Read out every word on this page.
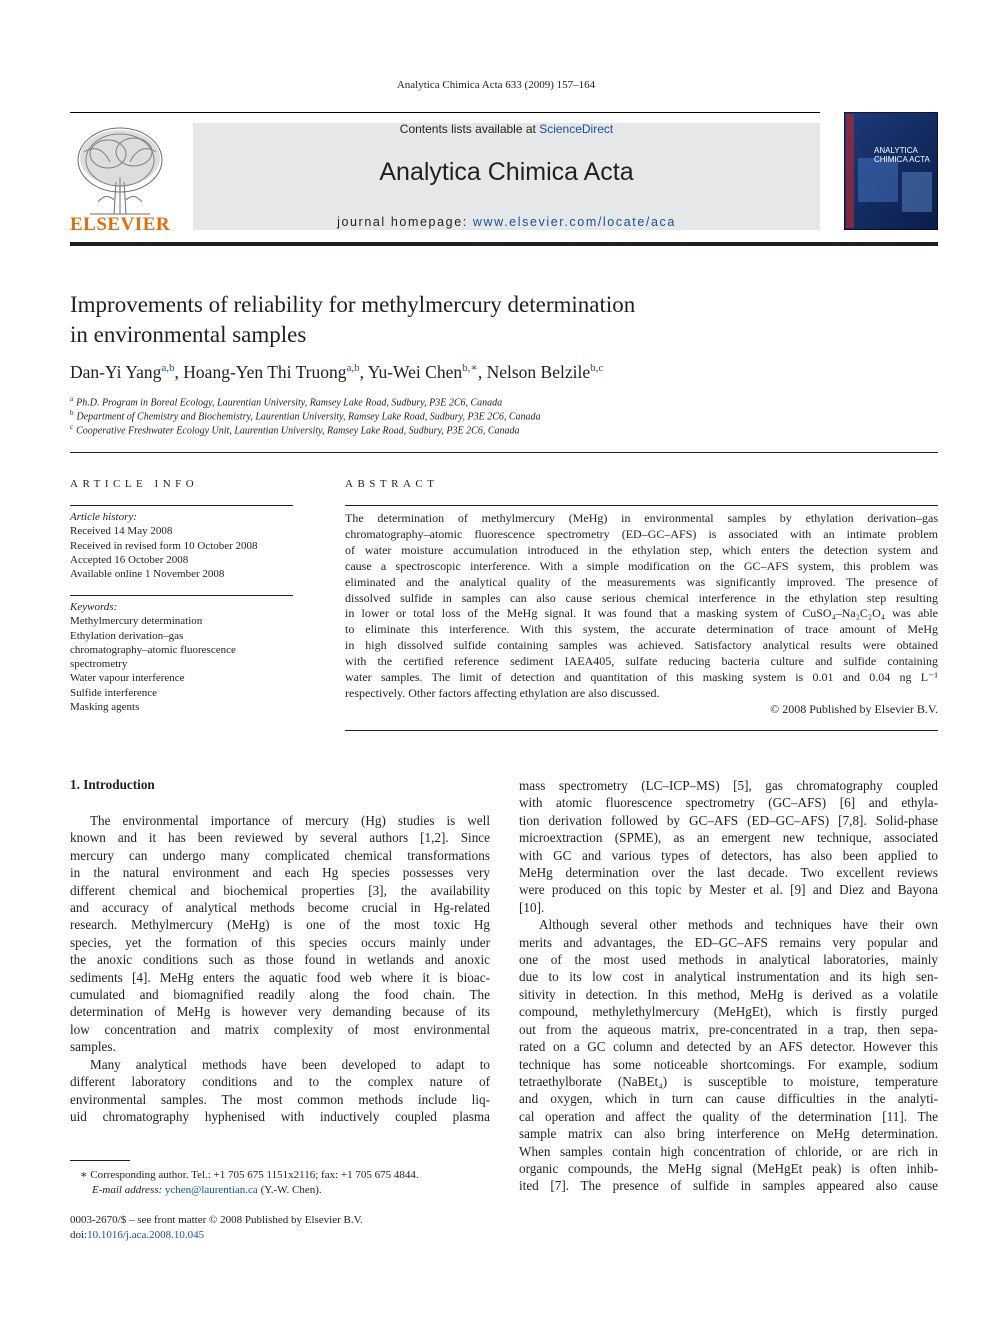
Analytica Chimica Acta 633 (2009) 157–164
ELSEVIER
Contents lists available at ScienceDirect
Analytica Chimica Acta
journal homepage: www.elsevier.com/locate/aca
ANALYTICA
CHIMICA ACTA
Improvements of reliability for methylmercury determination
in environmental samples
Dan-Yi Yang$^{a,b}$, Hoang-Yen Thi Truong$^{a,b}$, Yu-Wei Chen$^{b,∗}$, Nelson Belzile$^{b,c}$
$^a$ Ph.D. Program in Boreal Ecology, Laurentian University, Ramsey Lake Road, Sudbury, P3E 2C6, Canada
$^b$ Department of Chemistry and Biochemistry, Laurentian University, Ramsey Lake Road, Sudbury, P3E 2C6, Canada
$^c$ Cooperative Freshwater Ecology Unit, Laurentian University, Ramsey Lake Road, Sudbury, P3E 2C6, Canada
ARTICLE INFO
Article history:
Received 14 May 2008
Received in revised form 10 October 2008
Accepted 16 October 2008
Available online 1 November 2008
Keywords:
Methylmercury determination
Ethylation derivation–gas
chromatography–atomic fluorescence
spectrometry
Water vapour interference
Sulfide interference
Masking agents
ABSTRACT
The determination of methylmercury (MeHg) in environmental samples by ethylation derivation–gas
chromatography–atomic fluorescence spectrometry (ED–GC–AFS) is associated with an intimate problem
of water moisture accumulation introduced in the ethylation step, which enters the detection system and
cause a spectroscopic interference. With a simple modification on the GC–AFS system, this problem was
eliminated and the analytical quality of the measurements was significantly improved. The presence of
dissolved sulfide in samples can also cause serious chemical interference in the ethylation step resulting
in lower or total loss of the MeHg signal. It was found that a masking system of CuSO₄–Na₂C₂O₄ was able
to eliminate this interference. With this system, the accurate determination of trace amount of MeHg
in high dissolved sulfide containing samples was achieved. Satisfactory analytical results were obtained
with the certified reference sediment IAEA405, sulfate reducing bacteria culture and sulfide containing
water samples. The limit of detection and quantitation of this masking system is 0.01 and 0.04 ng L⁻¹
respectively. Other factors affecting ethylation are also discussed.
© 2008 Published by Elsevier B.V.
1. Introduction
The environmental importance of mercury (Hg) studies is well
known and it has been reviewed by several authors [1,2]. Since
mercury can undergo many complicated chemical transformations
in the natural environment and each Hg species possesses very
different chemical and biochemical properties [3], the availability
and accuracy of analytical methods become crucial in Hg-related
research. Methylmercury (MeHg) is one of the most toxic Hg
species, yet the formation of this species occurs mainly under
the anoxic conditions such as those found in wetlands and anoxic
sediments [4]. MeHg enters the aquatic food web where it is bioac-
cumulated and biomagnified readily along the food chain. The
determination of MeHg is however very demanding because of its
low concentration and matrix complexity of most environmental
samples.
Many analytical methods have been developed to adapt to
different laboratory conditions and to the complex nature of
environmental samples. The most common methods include liq-
uid chromatography hyphenised with inductively coupled plasma
mass spectrometry (LC–ICP–MS) [5], gas chromatography coupled
with atomic fluorescence spectrometry (GC–AFS) [6] and ethyla-
tion derivation followed by GC–AFS (ED–GC–AFS) [7,8]. Solid-phase
microextraction (SPME), as an emergent new technique, associated
with GC and various types of detectors, has also been applied to
MeHg determination over the last decade. Two excellent reviews
were produced on this topic by Mester et al. [9] and Diez and Bayona
[10].
Although several other methods and techniques have their own
merits and advantages, the ED–GC–AFS remains very popular and
one of the most used methods in analytical laboratories, mainly
due to its low cost in analytical instrumentation and its high sen-
sitivity in detection. In this method, MeHg is derived as a volatile
compound, methylethylmercury (MeHgEt), which is firstly purged
out from the aqueous matrix, pre-concentrated in a trap, then sepa-
rated on a GC column and detected by an AFS detector. However this
technique has some noticeable shortcomings. For example, sodium
tetraethylborate (NaBEt₄) is susceptible to moisture, temperature
and oxygen, which in turn can cause difficulties in the analyti-
cal operation and affect the quality of the determination [11]. The
sample matrix can also bring interference on MeHg determination.
When samples contain high concentration of chloride, or are rich in
organic compounds, the MeHg signal (MeHgEt peak) is often inhib-
ited [7]. The presence of sulfide in samples appeared also cause
∗ Corresponding author. Tel.: +1 705 675 1151x2116; fax: +1 705 675 4844.
E-mail address: ychen@laurentian.ca (Y.-W. Chen).
0003-2670/$ – see front matter © 2008 Published by Elsevier B.V.
doi:10.1016/j.aca.2008.10.045
